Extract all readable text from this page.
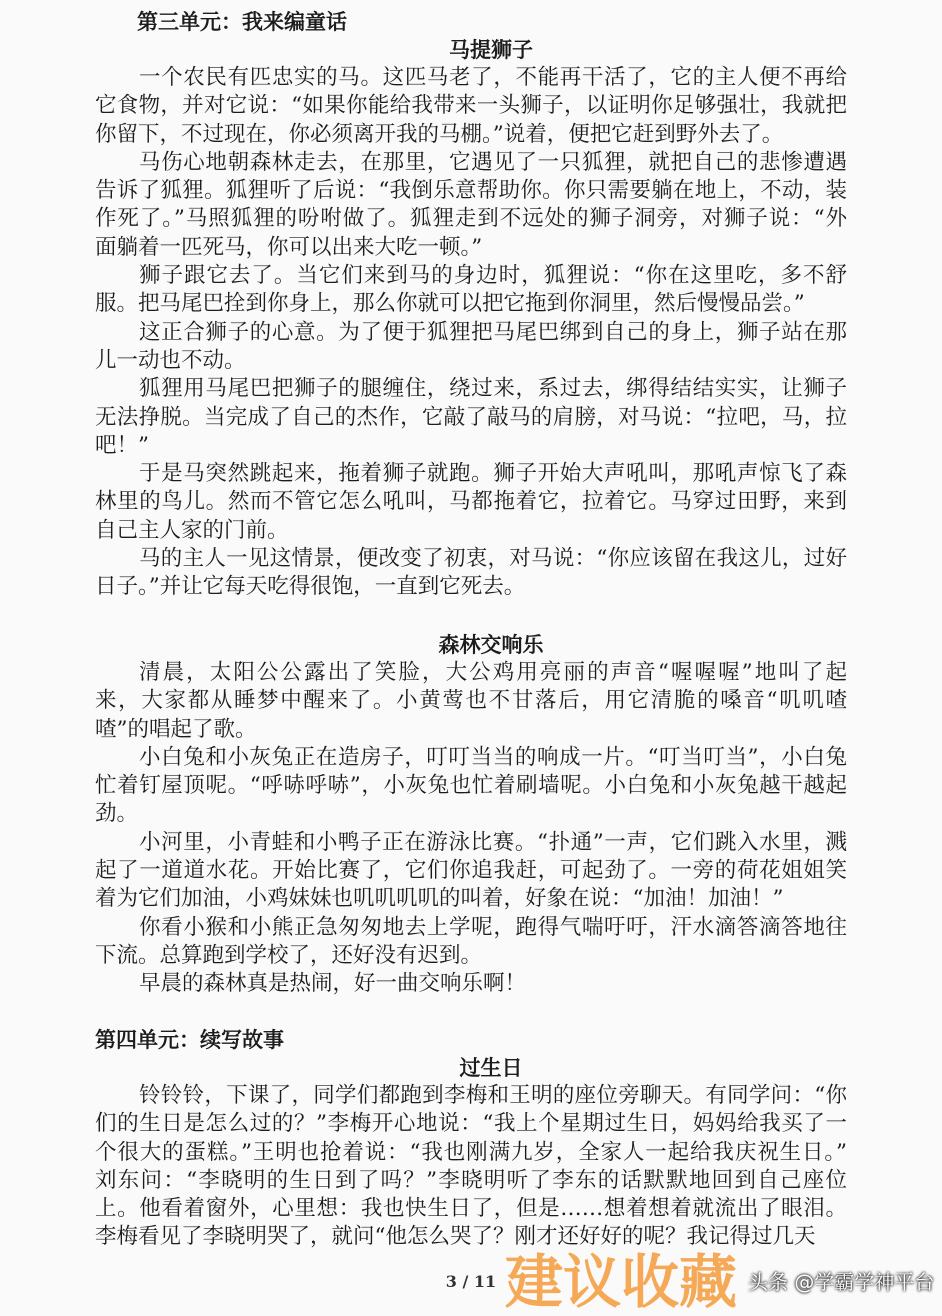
第三单元：我来编童话
马提狮子
一个农民有匹忠实的马。这匹马老了，不能再干活了，它的主人便不再给
它食物，并对它说：“如果你能给我带来一头狮子，以证明你足够强壮，我就把
你留下，不过现在，你必须离开我的马棚。”说着，便把它赶到野外去了。
马伤心地朝森林走去，在那里，它遇见了一只狐狸，就把自己的悲惨遭遇
告诉了狐狸。狐狸听了后说：“我倒乐意帮助你。你只需要躺在地上，不动，装
作死了。”马照狐狸的吩咐做了。狐狸走到不远处的狮子洞旁，对狮子说：“外
面躺着一匹死马，你可以出来大吃一顿。”
狮子跟它去了。当它们来到马的身边时，狐狸说：“你在这里吃，多不舒
服。把马尾巴拴到你身上，那么你就可以把它拖到你洞里，然后慢慢品尝。”
这正合狮子的心意。为了便于狐狸把马尾巴绑到自己的身上，狮子站在那
儿一动也不动。
狐狸用马尾巴把狮子的腿缠住，绕过来，系过去，绑得结结实实，让狮子
无法挣脱。当完成了自己的杰作，它敲了敲马的肩膀，对马说：“拉吧，马，拉
吧！”
于是马突然跳起来，拖着狮子就跑。狮子开始大声吼叫，那吼声惊飞了森
林里的鸟儿。然而不管它怎么吼叫，马都拖着它，拉着它。马穿过田野，来到
自己主人家的门前。
马的主人一见这情景，便改变了初衷，对马说：“你应该留在我这儿，过好
日子。”并让它每天吃得很饱，一直到它死去。
森林交响乐
清晨，太阳公公露出了笑脸，大公鸡用亮丽的声音“喔喔喔”地叫了起
来，大家都从睡梦中醒来了。小黄莺也不甘落后，用它清脆的嗓音“叽叽喳
喳”的唱起了歌。
小白兔和小灰兔正在造房子，叮叮当当的响成一片。“叮当叮当”，小白兔
忙着钉屋顶呢。“呼哧呼哧”，小灰兔也忙着刷墙呢。小白兔和小灰兔越干越起
劲。
小河里，小青蛙和小鸭子正在游泳比赛。“扑通”一声，它们跳入水里，溅
起了一道道水花。开始比赛了，它们你追我赶，可起劲了。一旁的荷花姐姐笑
着为它们加油，小鸡妹妹也叽叽叽叽的叫着，好象在说：“加油！加油！”
你看小猴和小熊正急匆匆地去上学呢，跑得气喘吁吁，汗水滴答滴答地往
下流。总算跑到学校了，还好没有迟到。
早晨的森林真是热闹，好一曲交响乐啊！
第四单元：续写故事
过生日
铃铃铃，下课了，同学们都跑到李梅和王明的座位旁聊天。有同学问：“你
们的生日是怎么过的？”李梅开心地说：“我上个星期过生日，妈妈给我买了一
个很大的蛋糕。”王明也抢着说：“我也刚满九岁，全家人一起给我庆祝生日。”
刘东问：“李晓明的生日到了吗？”李晓明听了李东的话默默地回到自己座位
上。他看着窗外，心里想：我也快生日了，但是……想着想着就流出了眼泪。
李梅看见了李晓明哭了，就问“他怎么哭了？刚才还好好的呢？我记得过几天
3 / 11 建议收藏 头条 @学霸学神平台
